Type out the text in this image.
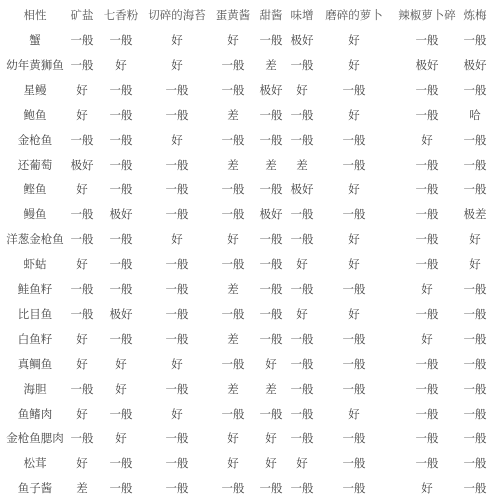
相性	矿盐 七香粉 切碎的海苔 蛋黄酱 甜酱 味增	磨碎的萝卜	辣椒萝卜碎 炼梅
蟹	一般	一般	好	好	一般 极好	好	一般	一般
幼年黄狮鱼 一般	好	好	一般	差	一般	好	极好	极好
星鳗	好	一般	一般	一般	极好	好	一般	一般	一般
鲍鱼	好	一般	一般	差	一般 一般	好	一般	哈
金枪鱼	一般	一般	好	一般	一般 一般	一般	好	一般
还葡萄	极好	一般	一般	差	差	差	一般	一般	一般
鲣鱼	好	一般	一般	一般	一般 极好	好	一般	一般
鳗鱼	一般	极好	一般	一般	极好 一般	一般	一般	极差
洋葱金枪鱼 一般	一般	好	好	一般 一般	好	一般	好
虾蛄	好	一般	一般	一般	一般	好	好	一般	好
鲑鱼籽	一般	一般	一般	差	一般 一般	一般	好	一般
比目鱼	一般	极好	一般	一般	一般	好	好	一般	一般
白鱼籽	好	一般	一般	差	一般 一般	一般	好	一般
真鲷鱼	好	好	好	一般	好	一般	一般	一般	一般
海胆	一般	好	一般	差	差	一般	一般	一般	一般
鱼鳍肉	好	一般	好	一般	一般 一般	好	一般	一般
金枪鱼腮肉 一般	好	一般	好	好	一般	一般	一般	一般
松茸	好	一般	一般	好	好	好	一般	一般	一般
鱼子酱	差	一般	一般	一般	一般 一般	一般	好	一般
